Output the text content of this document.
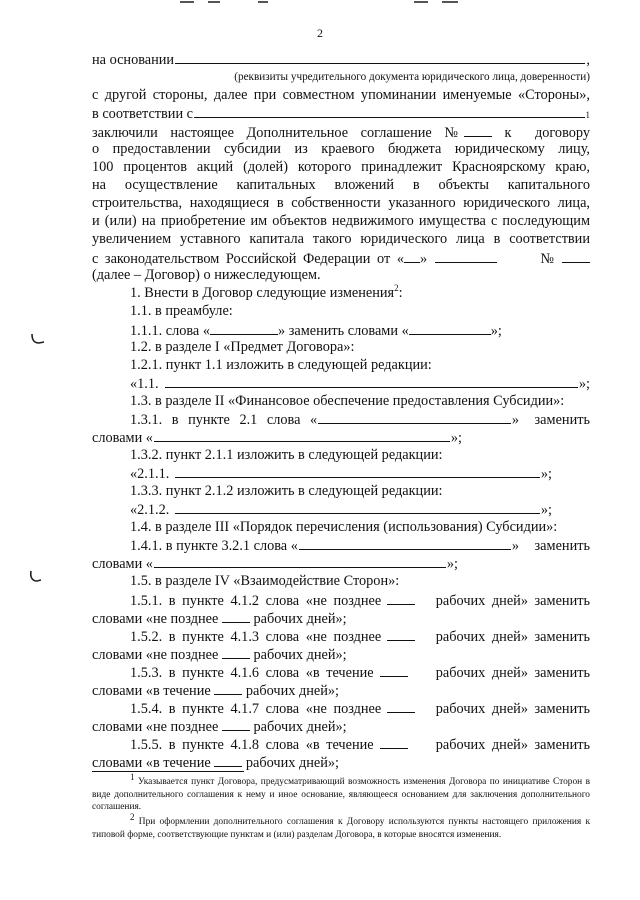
2
на основании	,
(реквизиты учредительного документа юридического лица, доверенности)
с другой стороны, далее при совместном упоминании именуемые «Стороны»,
в соответствии с	1
заключили настоящее Дополнительное соглашение №	к договору
о предоставлении субсидии из краевого бюджета юридическому лицу,
100 процентов акций (долей) которого принадлежит Красноярскому краю,
на осуществление капитальных вложений в объекты капитального
строительства, находящиеся в собственности указанного юридического лица,
и (или) на приобретение им объектов недвижимого имущества с последующим
увеличением уставного капитала такого юридического лица в соответствии
с законодательством Российской Федерации от « »	№
(далее – Договор) о нижеследующем.
1. Внести в Договор следующие изменения$^2$:
1.1. в преамбуле:
1.1.1. слова «	» заменить словами «	»;
1.2. в разделе I «Предмет Договора»:
1.2.1. пункт 1.1 изложить в следующей редакции:
«1.1.	»;
1.3. в разделе II «Финансовое обеспечение предоставления Субсидии»:
1.3.1. в пункте 2.1 слова «	» заменить
словами «	»;
1.3.2. пункт 2.1.1 изложить в следующей редакции:
«2.1.1.	»;
1.3.3. пункт 2.1.2 изложить в следующей редакции:
«2.1.2.	»;
1.4. в разделе III «Порядок перечисления (использования) Субсидии»:
1.4.1. в пункте 3.2.1 слова «	» заменить
словами «	»;
1.5. в разделе IV «Взаимодействие Сторон»:
1.5.1. в пункте 4.1.2 слова «не позднее	рабочих дней» заменить
словами «не позднее рабочих дней»;
1.5.2. в пункте 4.1.3 слова «не позднее	рабочих дней» заменить
словами «не позднее рабочих дней»;
1.5.3. в пункте 4.1.6 слова «в течение	рабочих дней» заменить
словами «в течение рабочих дней»;
1.5.4. в пункте 4.1.7 слова «не позднее	рабочих дней» заменить
словами «не позднее рабочих дней»;
1.5.5. в пункте 4.1.8 слова «в течение	рабочих дней» заменить
словами «в течение рабочих дней»;
$^1$ Указывается пункт Договора, предусматривающий возможность изменения Договора по инициативе Сторон в виде дополнительного соглашения к нему и иное основание, являющееся основанием для заключения дополнительного соглашения.
$^2$ При оформлении дополнительного соглашения к Договору используются пункты настоящего приложения к типовой форме, соответствующие пунктам и (или) разделам Договора, в которые вносятся изменения.
